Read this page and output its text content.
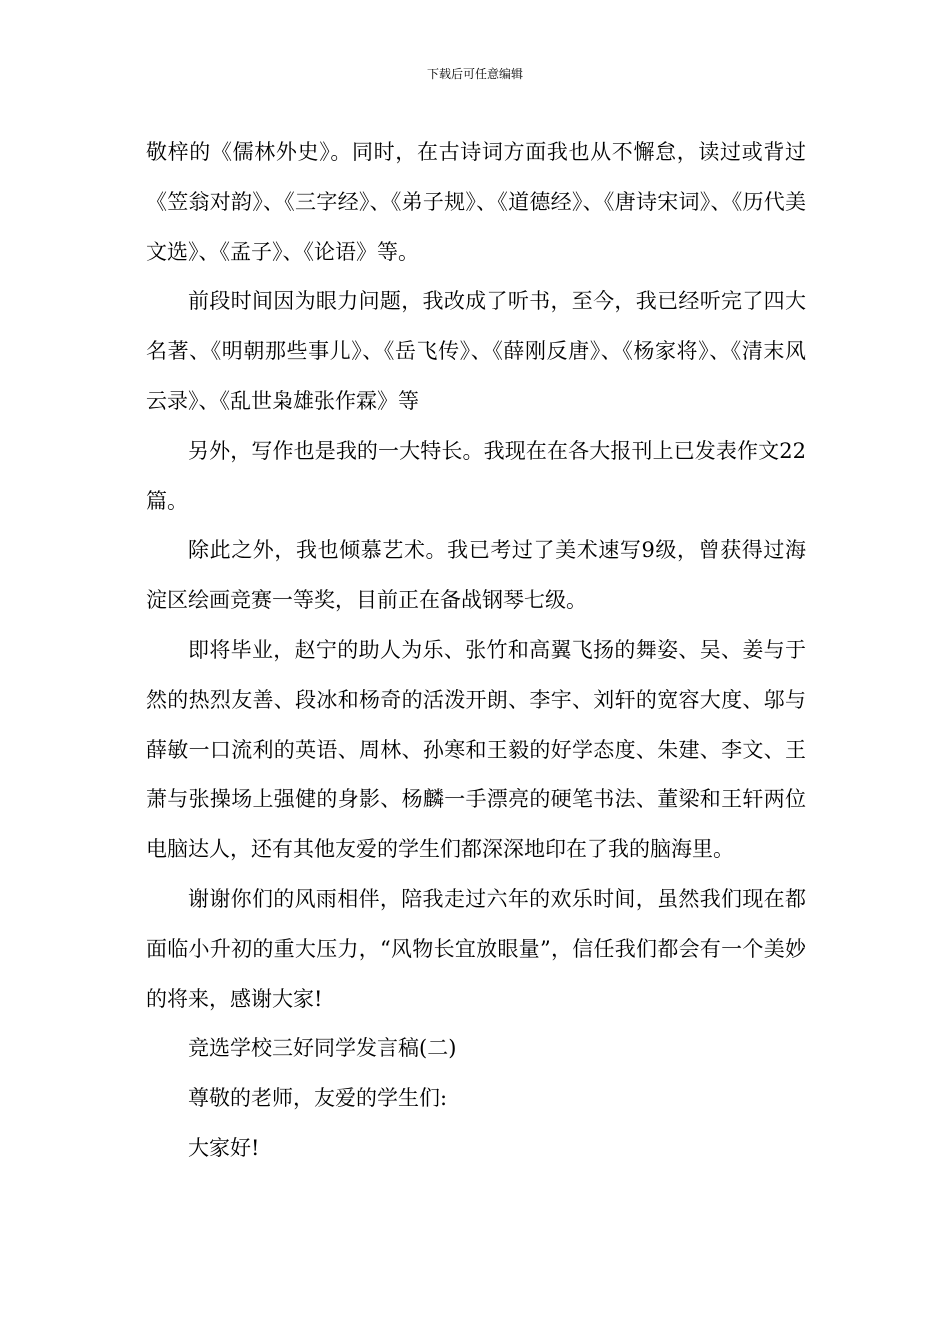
下载后可任意编辑

敬梓的《儒林外史》。同时，在古诗词方面我也从不懈怠，读过或背过《笠翁对韵》、《三字经》、《弟子规》、《道德经》、《唐诗宋词》、《历代美文选》、《孟子》、《论语》等。

前段时间因为眼力问题，我改成了听书，至今，我已经听完了四大名著、《明朝那些事儿》、《岳飞传》、《薛刚反唐》、《杨家将》、《清末风云录》、《乱世枭雄张作霖》等

另外，写作也是我的一大特长。我现在在各大报刊上已发表作文22篇。

除此之外，我也倾慕艺术。我已考过了美术速写9级，曾获得过海淀区绘画竞赛一等奖，目前正在备战钢琴七级。

即将毕业，赵宁的助人为乐、张竹和高翼飞扬的舞姿、吴、姜与于然的热烈友善、段冰和杨奇的活泼开朗、李宇、刘轩的宽容大度、邬与薛敏一口流利的英语、周林、孙寒和王毅的好学态度、朱建、李文、王萧与张操场上强健的身影、杨麟一手漂亮的硬笔书法、董梁和王轩两位电脑达人，还有其他友爱的学生们都深深地印在了我的脑海里。

谢谢你们的风雨相伴，陪我走过六年的欢乐时间，虽然我们现在都面临小升初的重大压力，“风物长宜放眼量”，信任我们都会有一个美妙的将来，感谢大家!

竞选学校三好同学发言稿(二)

尊敬的老师，友爱的学生们:

大家好!
